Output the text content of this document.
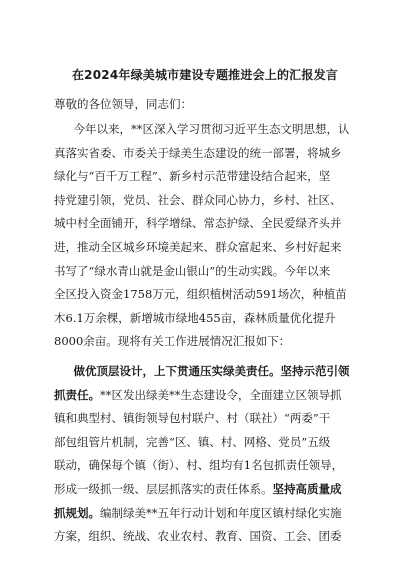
在2024年绿美城市建设专题推进会上的汇报发言

尊敬的各位领导，同志们：

今年以来，**区深入学习贯彻习近平生态文明思想，认
真落实省委、市委关于绿美生态建设的统一部署，将城乡
绿化与“百千万工程”、新乡村示范带建设结合起来，坚
持党建引领，党员、社会、群众同心协力，乡村、社区、
城中村全面铺开，科学增绿、常态护绿、全民爱绿齐头并
进，推动全区城乡环境美起来、群众富起来、乡村好起来
书写了“绿水青山就是金山银山”的生动实践。今年以来
全区投入资金1758万元，组织植树活动591场次，种植苗
木6.1万余棵，新增城市绿地455亩，森林质量优化提升
8000余亩。现将有关工作进展情况汇报如下：

做优顶层设计，上下贯通压实绿美责任。坚持示范引领
抓责任。**区发出绿美**生态建设令，全面建立区领导抓
镇和典型村、镇街领导包村联户、村（联社）“两委”干
部包组管片机制，完善“区、镇、村、网格、党员”五级
联动，确保每个镇（街）、村、组均有1名包抓责任领导，
形成一级抓一级、层层抓落实的责任体系。坚持高质量成
抓规划。编制绿美**五年行动计划和年度区镇村绿化实施
方案，组织、统战、农业农村、教育、国资、工会、团委
